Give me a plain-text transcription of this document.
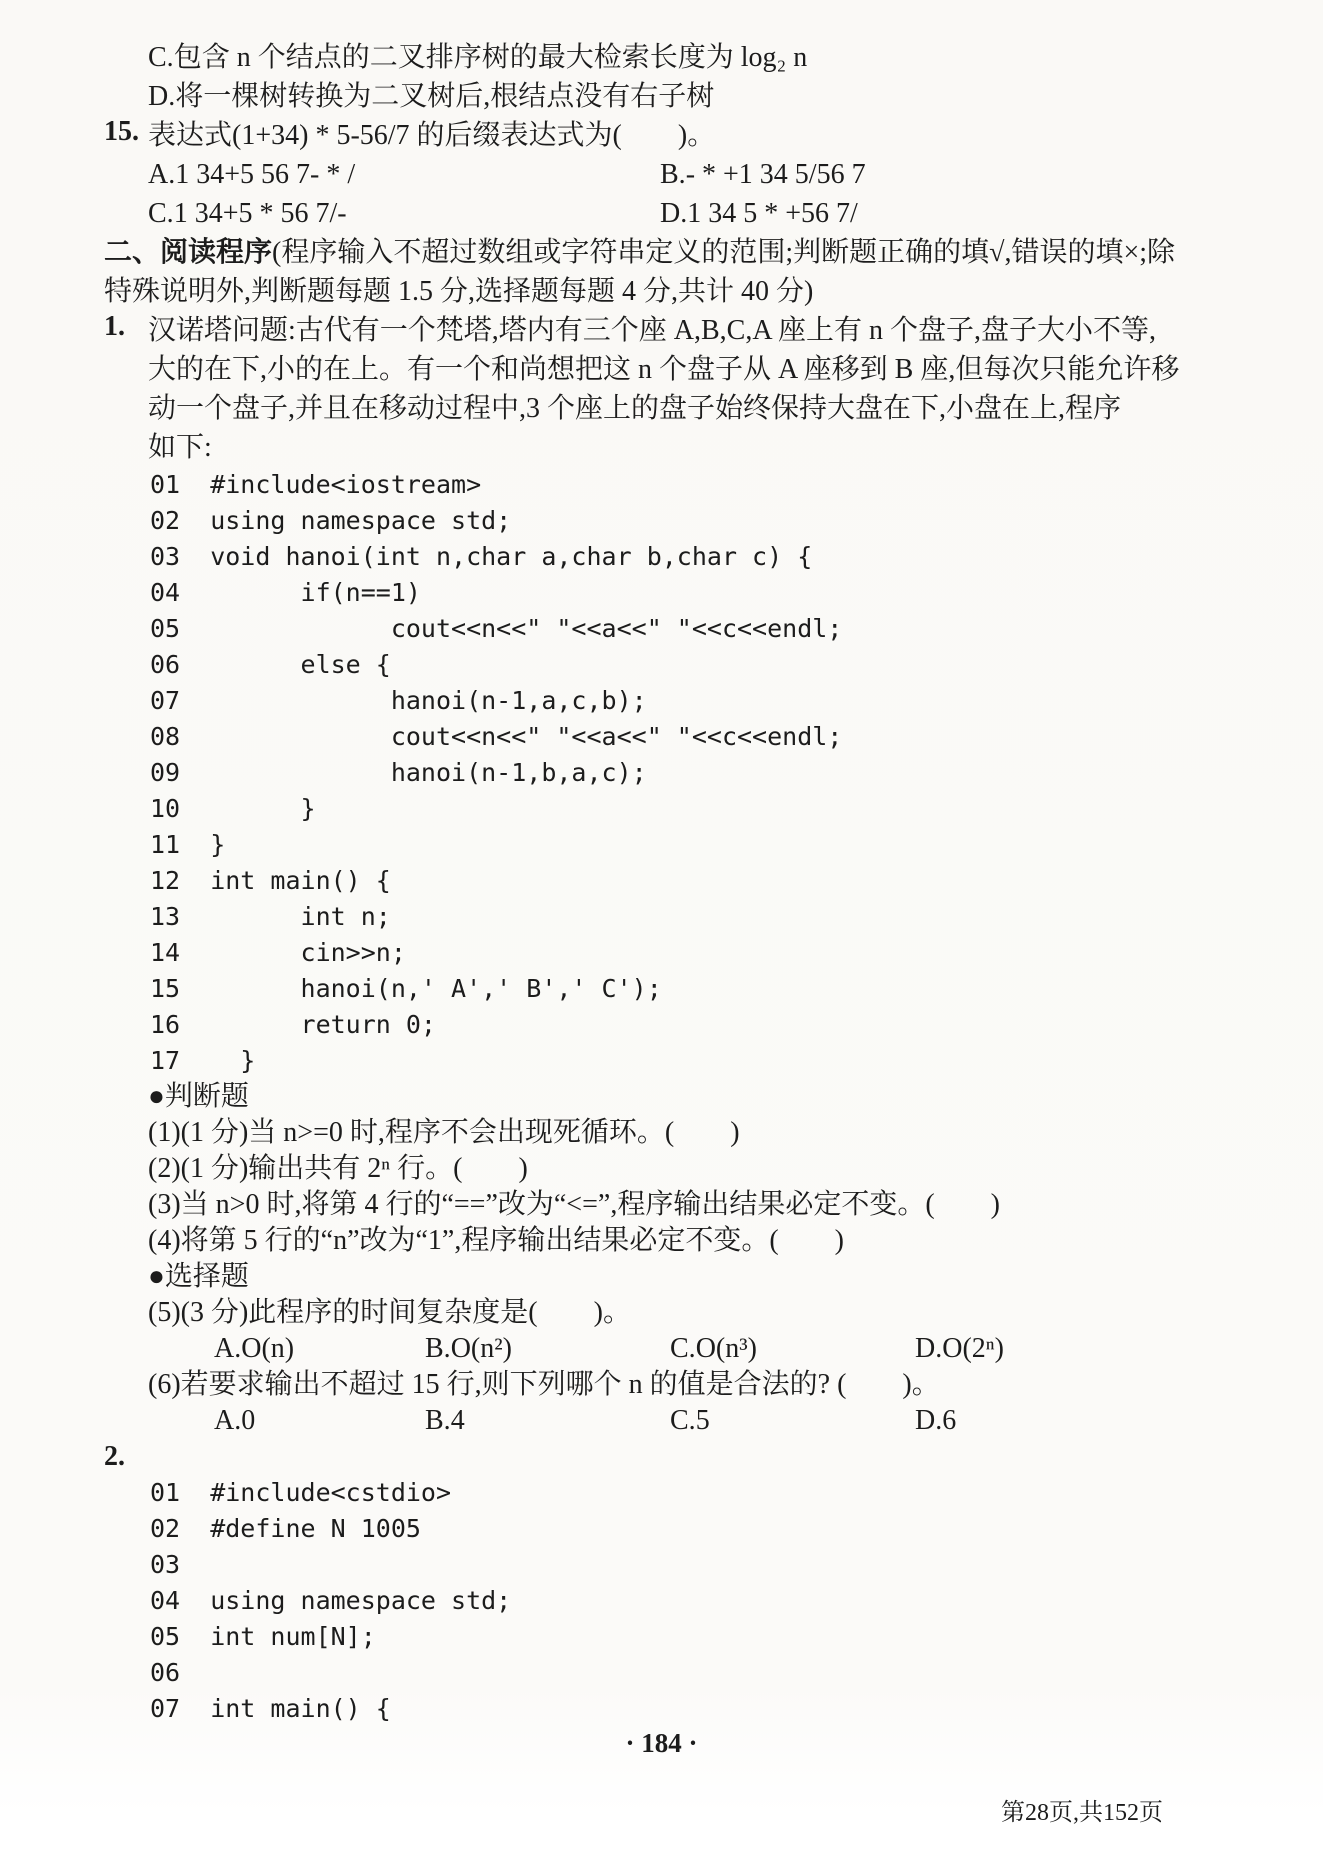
C.包含 n 个结点的二叉排序树的最大检索长度为 log₂ n
D.将一棵树转换为二叉树后,根结点没有右子树
15. 表达式(1+34) * 5-56/7 的后缀表达式为(        )。
A.1 34+5 56 7- * /	B.- * +1 34 5/56 7
C.1 34+5 * 56 7/-	D.1 34 5 * +56 7/
二、阅读程序(程序输入不超过数组或字符串定义的范围;判断题正确的填√,错误的填×;除
特殊说明外,判断题每题 1.5 分,选择题每题 4 分,共计 40 分)
1. 汉诺塔问题:古代有一个梵塔,塔内有三个座 A,B,C,A 座上有 n 个盘子,盘子大小不等,
大的在下,小的在上。有一个和尚想把这 n 个盘子从 A 座移到 B 座,但每次只能允许移
动一个盘子,并且在移动过程中,3 个座上的盘子始终保持大盘在下,小盘在上,程序
如下:
01  #include<iostream>
02  using namespace std;
03  void hanoi(int n,char a,char b,char c) {
04        if(n==1)
05              cout<<n<<" "<<a<<" "<<c<<endl;
06        else {
07              hanoi(n-1,a,c,b);
08              cout<<n<<" "<<a<<" "<<c<<endl;
09              hanoi(n-1,b,a,c);
10        }
11  }
12  int main() {
13        int n;
14        cin>>n;
15        hanoi(n,' A',' B',' C');
16        return 0;
17    }
●判断题
(1)(1 分)当 n>=0 时,程序不会出现死循环。(        )
(2)(1 分)输出共有 2ⁿ 行。(        )
(3)当 n>0 时,将第 4 行的“==”改为“<=”,程序输出结果必定不变。(        )
(4)将第 5 行的“n”改为“1”,程序输出结果必定不变。(        )
●选择题
(5)(3 分)此程序的时间复杂度是(        )。
A.O(n)	B.O(n²)	C.O(n³)	D.O(2ⁿ)
(6)若要求输出不超过 15 行,则下列哪个 n 的值是合法的? (        )。
A.0	B.4	C.5	D.6
2.
01  #include<cstdio>
02  #define N 1005
03
04  using namespace std;
05  int num[N];
06
07  int main() {
· 184 ·
第28页,共152页
